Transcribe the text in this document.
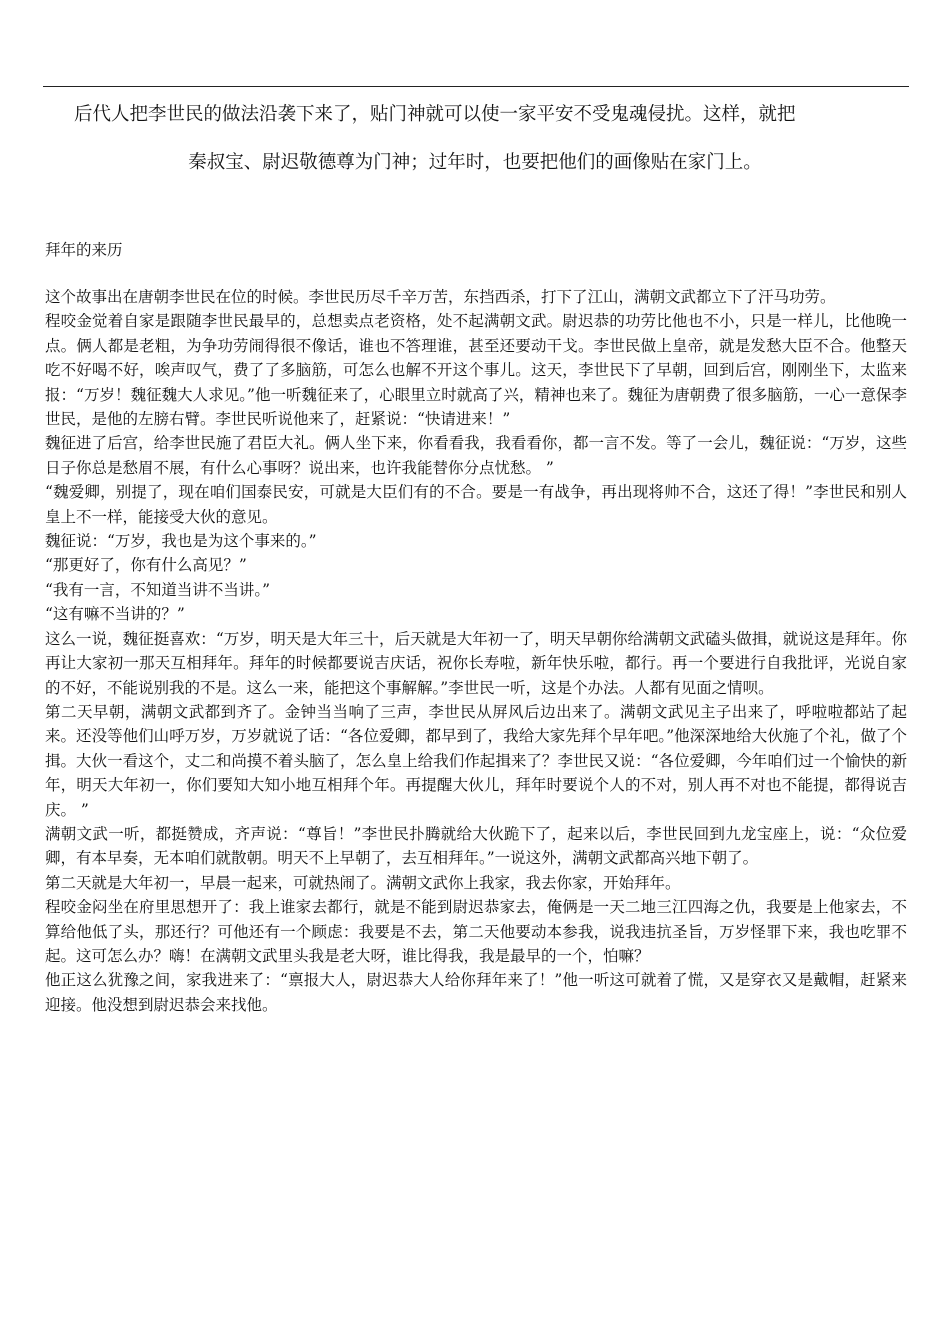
后代人把李世民的做法沿袭下来了，贴门神就可以使一家平安不受鬼魂侵扰。这样，就把
秦叔宝、尉迟敬德尊为门神；过年时，也要把他们的画像贴在家门上。
拜年的来历

这个故事出在唐朝李世民在位的时候。李世民历尽千辛万苦，东挡西杀，打下了江山，满朝文武都立下了汗马功劳。

程咬金觉着自家是跟随李世民最早的，总想卖点老资格，处不起满朝文武。尉迟恭的功劳比他也不小，只是一样儿，比他晚一点。俩人都是老粗，为争功劳闹得很不像话，谁也不答理谁，甚至还要动干戈。李世民做上皇帝，就是发愁大臣不合。他整天吃不好喝不好，唉声叹气，费了了多脑筋，可怎么也解不开这个事儿。这天，李世民下了早朝，回到后宫，刚刚坐下，太监来报：“万岁！魏征魏大人求见。”他一听魏征来了，心眼里立时就高了兴，精神也来了。魏征为唐朝费了很多脑筋，一心一意保李世民，是他的左膀右臂。李世民听说他来了，赶紧说：“快请进来！”

魏征进了后宫，给李世民施了君臣大礼。俩人坐下来，你看看我，我看看你，都一言不发。等了一会儿，魏征说：“万岁，这些日子你总是愁眉不展，有什么心事呀？说出来，也许我能替你分点忧愁。 ”

“魏爱卿，别提了，现在咱们国泰民安，可就是大臣们有的不合。要是一有战争，再出现将帅不合，这还了得！”李世民和别人皇上不一样，能接受大伙的意见。

魏征说：“万岁，我也是为这个事来的。”

“那更好了，你有什么高见？”

“我有一言，不知道当讲不当讲。”

“这有嘛不当讲的？”

这么一说，魏征挺喜欢：“万岁，明天是大年三十，后天就是大年初一了，明天早朝你给满朝文武磕头做揖，就说这是拜年。你再让大家初一那天互相拜年。拜年的时候都要说吉庆话，祝你长寿啦，新年快乐啦，都行。再一个要进行自我批评，光说自家的不好，不能说别我的不是。这么一来，能把这个事解解。”李世民一听，这是个办法。人都有见面之情呗。

第二天早朝，满朝文武都到齐了。金钟当当响了三声，李世民从屏风后边出来了。满朝文武见主子出来了，呼啦啦都站了起来。还没等他们山呼万岁，万岁就说了话：“各位爱卿，都早到了，我给大家先拜个早年吧。”他深深地给大伙施了个礼，做了个揖。大伙一看这个，丈二和尚摸不着头脑了，怎么皇上给我们作起揖来了？李世民又说：“各位爱卿，今年咱们过一个愉快的新年，明天大年初一，你们要知大知小地互相拜个年。再提醒大伙儿，拜年时要说个人的不对，别人再不对也不能提，都得说吉庆。 ”

满朝文武一听，都挺赞成，齐声说：“尊旨！”李世民扑腾就给大伙跪下了，起来以后，李世民回到九龙宝座上，说：“众位爱卿，有本早奏，无本咱们就散朝。明天不上早朝了，去互相拜年。”一说这外，满朝文武都高兴地下朝了。

第二天就是大年初一，早晨一起来，可就热闹了。满朝文武你上我家，我去你家，开始拜年。

程咬金闷坐在府里思想开了：我上谁家去都行，就是不能到尉迟恭家去，俺俩是一天二地三江四海之仇，我要是上他家去，不算给他低了头，那还行？可他还有一个顾虑：我要是不去，第二天他要动本参我，说我违抗圣旨，万岁怪罪下来，我也吃罪不起。这可怎么办？嗨！在满朝文武里头我是老大呀，谁比得我，我是最早的一个，怕嘛？

他正这么犹豫之间，家我进来了：“禀报大人，尉迟恭大人给你拜年来了！”他一听这可就着了慌，又是穿衣又是戴帽，赶紧来迎接。他没想到尉迟恭会来找他。
